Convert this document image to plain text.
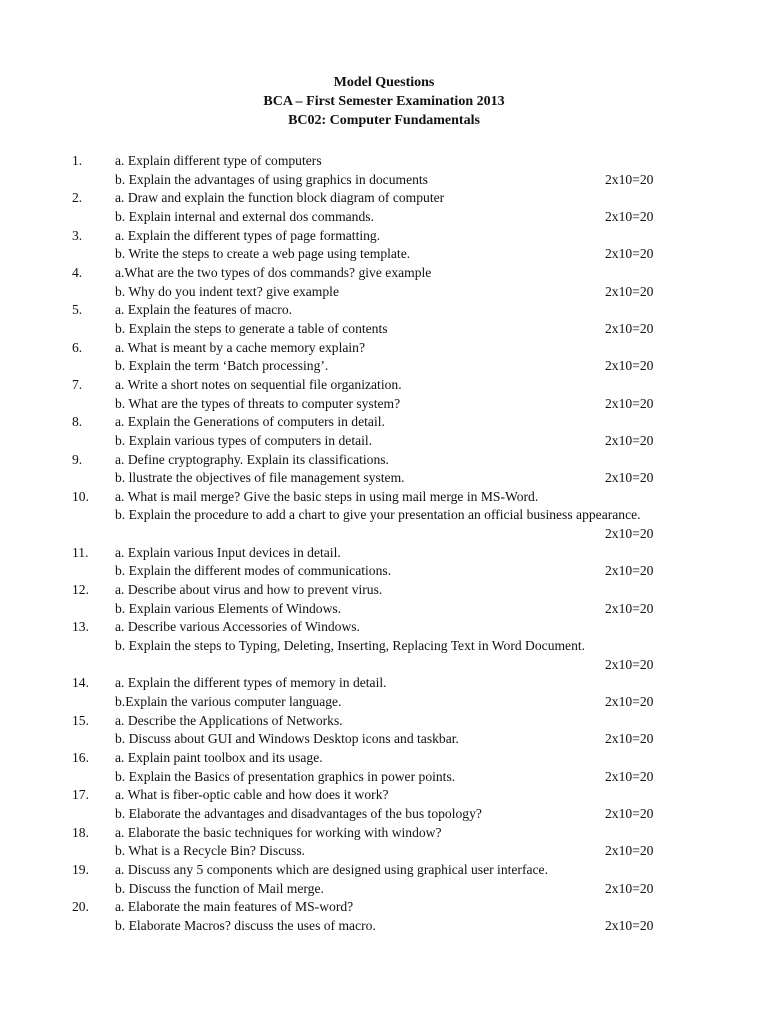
Model Questions
BCA – First Semester Examination 2013
BC02: Computer Fundamentals
1. a. Explain different type of computers
b. Explain the advantages of using graphics in documents	2x10=20
2. a. Draw and explain the function block diagram of computer
b. Explain internal and external dos commands.	2x10=20
3. a. Explain the different types of page formatting.
b. Write the steps to create a web page using template.	2x10=20
4. a.What are the two types of dos commands? give example
b. Why do you indent text? give example	2x10=20
5. a. Explain the features of macro.
b. Explain the steps to generate a table of contents	2x10=20
6. a. What is meant by a cache memory explain?
b. Explain the term ‘Batch processing’.	2x10=20
7. a. Write a short notes on sequential file organization.
b. What are the types of threats to computer system?	2x10=20
8. a. Explain the Generations of computers in detail.
b. Explain various types of computers in detail.	2x10=20
9. a. Define cryptography. Explain its classifications.
b. llustrate the objectives of file management system.	2x10=20
10. a. What is mail merge? Give the basic steps in using mail merge in MS-Word.
b. Explain the procedure to add a chart to give your presentation an official business appearance.
2x10=20
11. a. Explain various Input devices in detail.
b. Explain the different modes of communications.	2x10=20
12. a. Describe about virus and how to prevent virus.
b. Explain various Elements of Windows.	2x10=20
13. a. Describe various Accessories of Windows.
b. Explain the steps to Typing, Deleting, Inserting, Replacing Text in Word Document.
2x10=20
14. a. Explain the different types of memory in detail.
b.Explain the various computer language.	2x10=20
15. a. Describe the Applications of Networks.
b. Discuss about GUI and Windows Desktop icons and taskbar.	2x10=20
16. a. Explain paint toolbox and its usage.
b. Explain the Basics of presentation graphics in power points.	2x10=20
17. a. What is fiber-optic cable and how does it work?
b. Elaborate the advantages and disadvantages of the bus topology?	2x10=20
18. a. Elaborate the basic techniques for working with window?
b. What is a Recycle Bin? Discuss.	2x10=20
19. a. Discuss any 5 components which are designed using graphical user interface.
b. Discuss the function of Mail merge.	2x10=20
20. a. Elaborate the main features of MS-word?
b. Elaborate Macros? discuss the uses of macro.	2x10=20
